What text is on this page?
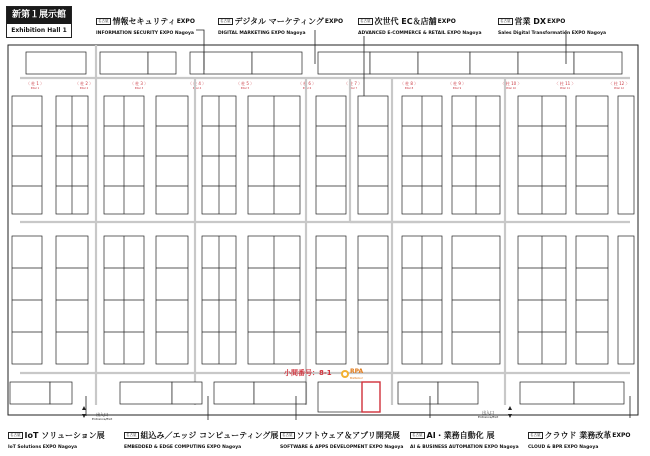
新第１展示館
Exhibition Hall 1
名古屋 情報セキュリティEXPO
INFORMATION SECURITY EXPO Nagoya
名古屋 デジタル マーケティングEXPO
DIGITAL MARKETING EXPO Nagoya
名古屋 次世代 EC＆店舗EXPO
ADVANCED E-COMMERCE & RETAIL EXPO Nagoya
名古屋 営業 DXEXPO
Sales Digital Transformation EXPO Nagoya
名古屋 IoT ソリューション展
IoT Solutions EXPO Nagoya
名古屋 組込み／エッジ コンピューティング展
EMBEDDED & EDGE COMPUTING EXPO Nagoya
名古屋 ソフトウェア＆アプリ開発展
SOFTWARE & APPS DEVELOPMENT EXPO Nagoya
名古屋 AI・業務自動化 展
AI & BUSINESS AUTOMATION EXPO Nagoya
名古屋 クラウド 業務改革EXPO
CLOUD & BPR EXPO Nagoya
〈 柱 1 〉
Pillar 1
〈 柱 2 〉
Pillar 2
〈 柱 3 〉
Pillar 3
〈 柱 4 〉
Pillar 4
〈 柱 5 〉
Pillar 5
〈 柱 6 〉
Pillar 6
〈 柱 7 〉
Pillar 7
〈 柱 8 〉
Pillar 8
〈 柱 9 〉
Pillar 9
〈 柱 10 〉
Pillar 10
〈 柱 11 〉
Pillar 11
〈 柱 12 〉
Pillar 12
小間番号：8-1	RPA
BizRobo!
出入口
Entrance/Exit
出入口
Entrance/Exit
